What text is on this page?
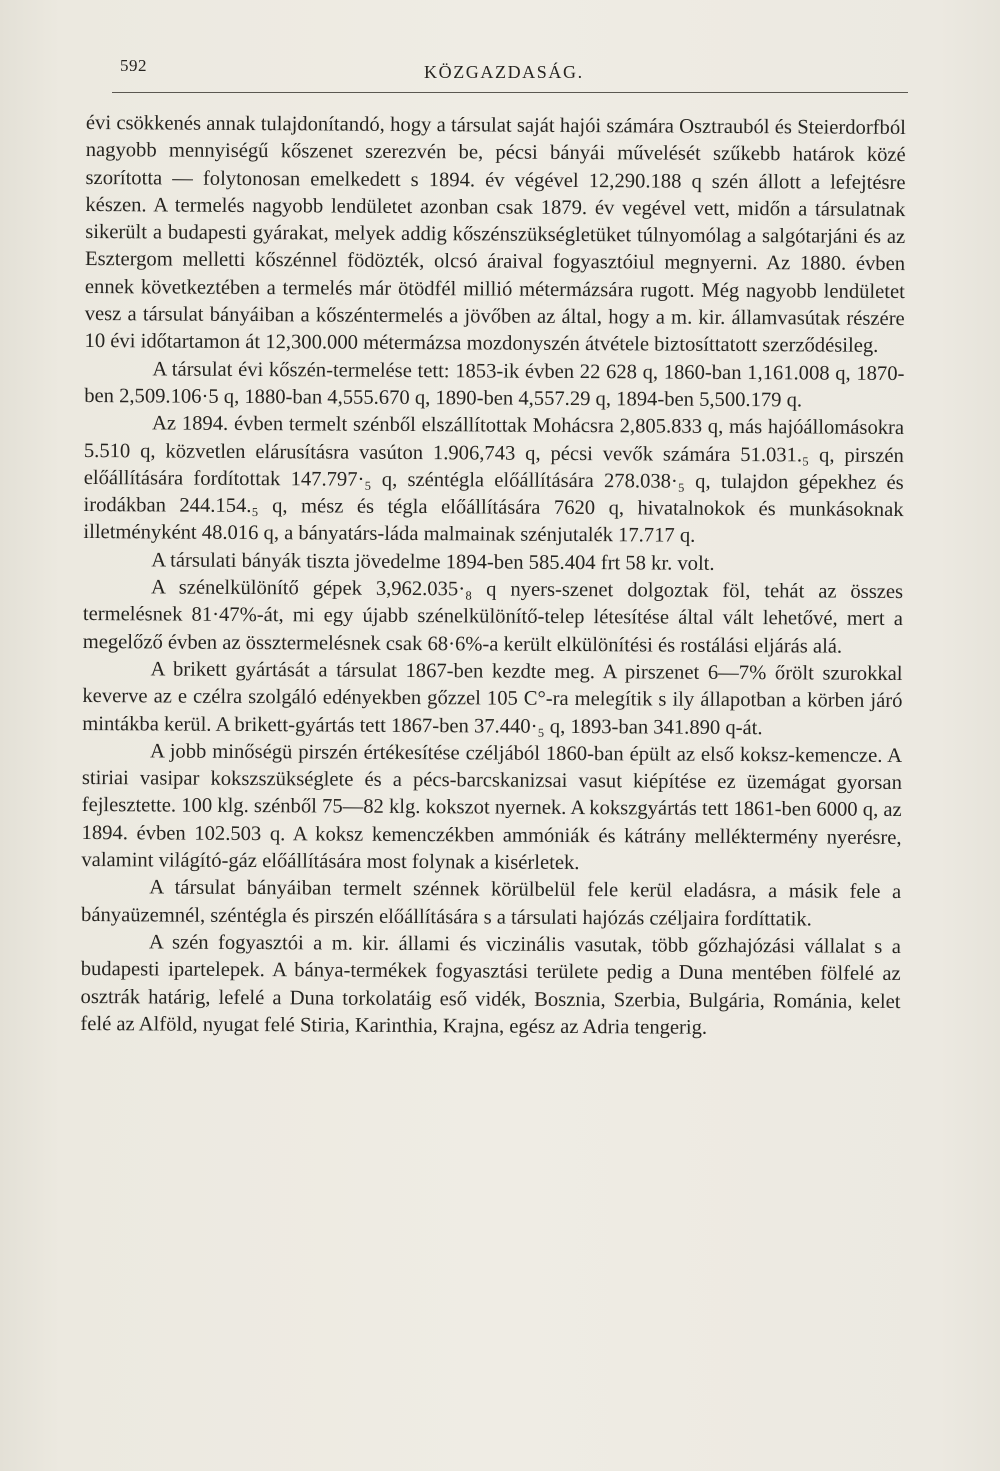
592	KÖZGAZDASÁG.

évi csökkenés annak tulajdonítandó, hogy a társulat saját hajói számára Osztrauból és Steierdorfból nagyobb mennyiségű kőszenet szerezvén be, pécsi bányái művelését szűkebb határok közé szorította — folytonosan emelkedett s 1894. év végével 12,290.188 q szén állott a lefejtésre készen. A termelés nagyobb lendületet azonban csak 1879. év vegével vett, midőn a társulatnak sikerült a budapesti gyárakat, melyek addig kőszénszükségletüket túlnyomólag a salgótarjáni és az Esztergom melletti kőszénnel födözték, olcsó áraival fogyasztóiul megnyerni. Az 1880. évben ennek következtében a termelés már ötödfél millió métermázsára rugott. Még nagyobb lendületet vesz a társulat bányáiban a kőszéntermelés a jövőben az által, hogy a m. kir. államvasútak részére 10 évi időtartamon át 12,300.000 métermázsa mozdonyszén átvétele biztosíttatott szerződésileg.

A társulat évi kőszén-termelése tett: 1853-ik évben 22 628 q, 1860-ban 1,161.008 q, 1870-ben 2,509.106·5 q, 1880-ban 4,555.670 q, 1890-ben 4,557.29 q, 1894-ben 5,500.179 q.

Az 1894. évben termelt szénből elszállítottak Mohácsra 2,805.833 q, más hajóállomásokra 5.510 q, közvetlen elárusításra vasúton 1.906,743 q, pécsi vevők számára 51.031.₅ q, pirszén előállítására fordítottak 147.797·₅ q, széntégla előállítására 278.038·₅ q, tulajdon gépekhez és irodákban 244.154.₅ q, mész és tégla előállítására 7620 q, hivatalnokok és munkásoknak illetményként 48.016 q, a bányatárs-láda malmainak szénjutalék 17.717 q.

A társulati bányák tiszta jövedelme 1894-ben 585.404 frt 58 kr. volt.

A szénelkülönítő gépek 3,962.035·₈ q nyers-szenet dolgoztak föl, tehát az összes termelésnek 81·47%-át, mi egy újabb szénelkülönítő-telep létesítése által vált lehetővé, mert a megelőző évben az össztermelésnek csak 68·6%-a került elkülönítési és rostálási eljárás alá.

A brikett gyártását a társulat 1867-ben kezdte meg. A pirszenet 6—7% őrölt szurokkal keverve az e czélra szolgáló edényekben gőzzel 105 C°-ra melegítik s ily állapotban a körben járó mintákba kerül. A brikett-gyártás tett 1867-ben 37.440·₅ q, 1893-ban 341.890 q-át.

A jobb minőségü pirszén értékesítése czéljából 1860-ban épült az első koksz-kemencze. A stiriai vasipar kokszszükséglete és a pécs-barcskanizsai vasut kiépítése ez üzemágat gyorsan fejlesztette. 100 klg. szénből 75—82 klg. kokszot nyernek. A kokszgyártás tett 1861-ben 6000 q, az 1894. évben 102.503 q. A koksz kemenczékben ammóniák és kátrány melléktermény nyerésre, valamint világító-gáz előállítására most folynak a kisérletek.

A társulat bányáiban termelt szénnek körülbelül fele kerül eladásra, a másik fele a bányaüzemnél, széntégla és pirszén előállítására s a társulati hajózás czéljaira fordíttatik.

A szén fogyasztói a m. kir. állami és viczinális vasutak, több gőzhajózási vállalat s a budapesti ipartelepek. A bánya-termékek fogyasztási területe pedig a Duna mentében fölfelé az osztrák határig, lefelé a Duna torkolatáig eső vidék, Bosznia, Szerbia, Bulgária, Románia, kelet felé az Alföld, nyugat felé Stiria, Karinthia, Krajna, egész az Adria tengerig.
